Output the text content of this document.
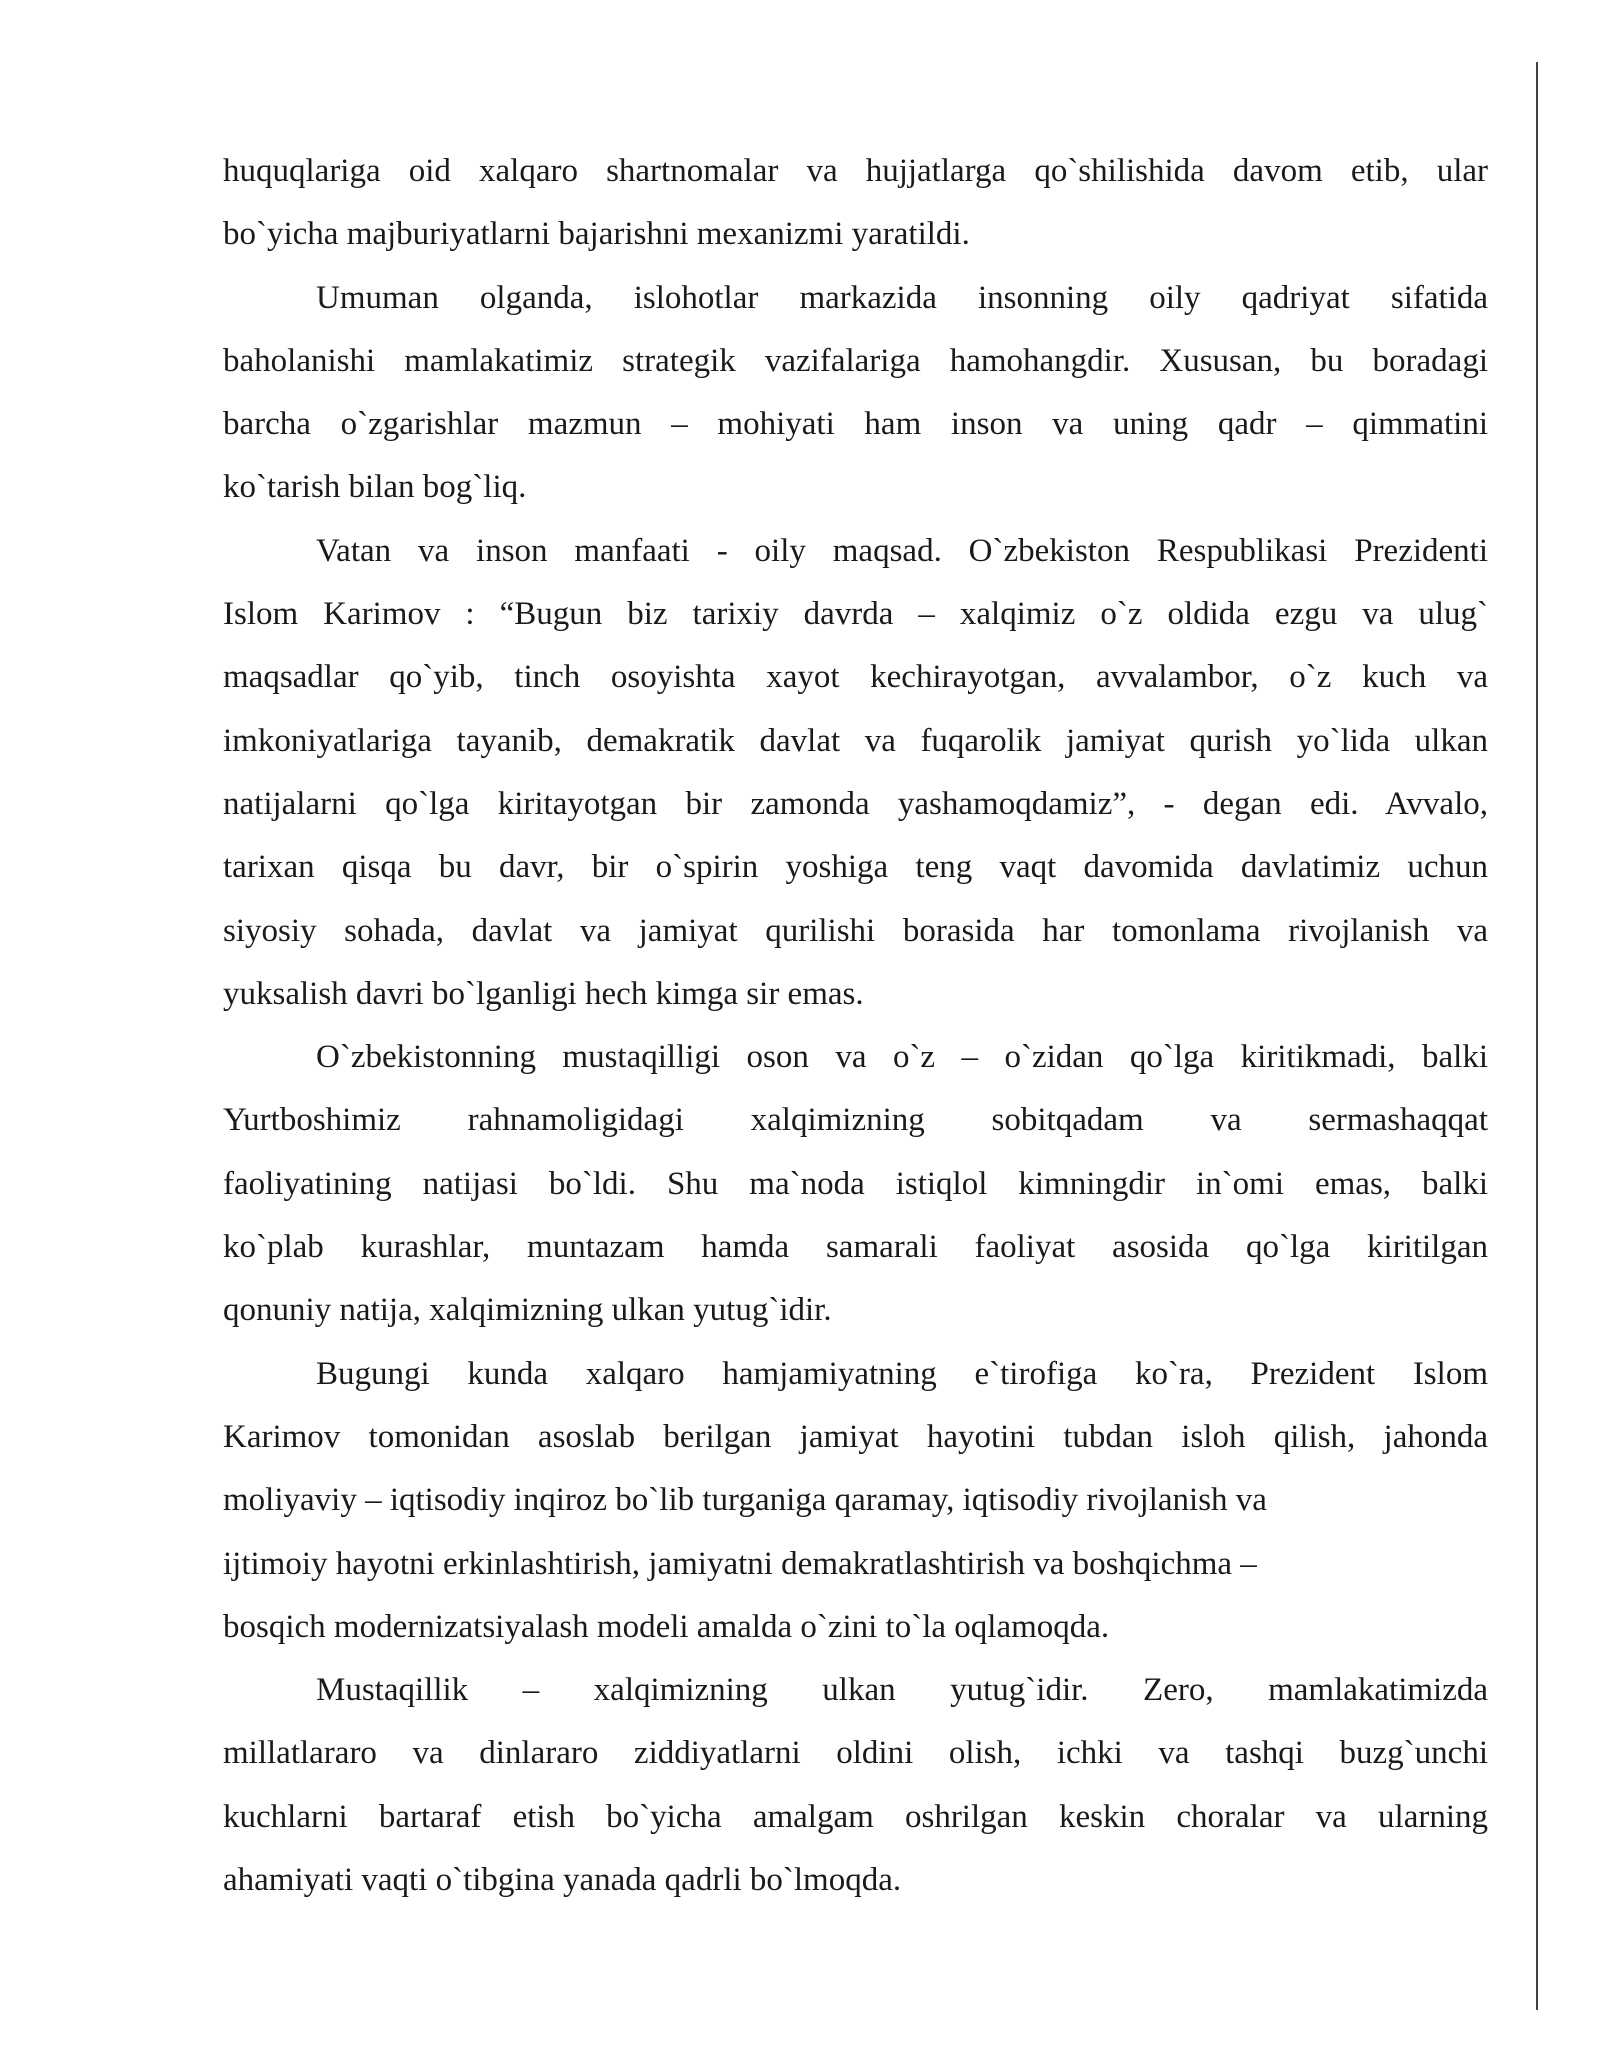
huquqlariga oid xalqaro shartnomalar va hujjatlarga qo`shilishida davom etib, ular
bo`yicha majburiyatlarni bajarishni mexanizmi yaratildi.
Umuman olganda, islohotlar markazida insonning oily qadriyat sifatida
baholanishi mamlakatimiz strategik vazifalariga hamohangdir. Xususan, bu boradagi
barcha o`zgarishlar mazmun – mohiyati ham inson va uning qadr – qimmatini
ko`tarish bilan bog`liq.
Vatan va inson manfaati - oily maqsad. O`zbekiston Respublikasi Prezidenti
Islom Karimov : “Bugun biz tarixiy davrda – xalqimiz o`z oldida ezgu va ulug`
maqsadlar qo`yib, tinch osoyishta xayot kechirayotgan, avvalambor, o`z kuch va
imkoniyatlariga tayanib, demakratik davlat va fuqarolik jamiyat qurish yo`lida ulkan
natijalarni qo`lga kiritayotgan bir zamonda yashamoqdamiz”, - degan edi. Avvalo,
tarixan qisqa bu davr, bir o`spirin yoshiga teng vaqt davomida davlatimiz uchun
siyosiy sohada, davlat va jamiyat qurilishi borasida har tomonlama rivojlanish va
yuksalish davri bo`lganligi hech kimga sir emas.
O`zbekistonning mustaqilligi oson va o`z – o`zidan qo`lga kiritikmadi, balki
Yurtboshimiz rahnamoligidagi xalqimizning sobitqadam va sermashaqqat
faoliyatining natijasi bo`ldi. Shu ma`noda istiqlol kimningdir in`omi emas, balki
ko`plab kurashlar, muntazam hamda samarali faoliyat asosida qo`lga kiritilgan
qonuniy natija, xalqimizning ulkan yutug`idir.
Bugungi kunda xalqaro hamjamiyatning e`tirofiga ko`ra, Prezident Islom
Karimov tomonidan asoslab berilgan jamiyat hayotini tubdan isloh qilish, jahonda
moliyaviy – iqtisodiy inqiroz bo`lib turganiga qaramay, iqtisodiy rivojlanish va
ijtimoiy hayotni erkinlashtirish, jamiyatni demakratlashtirish va boshqichma –
bosqich modernizatsiyalash modeli amalda o`zini to`la oqlamoqda.
Mustaqillik – xalqimizning ulkan yutug`idir. Zero, mamlakatimizda
millatlararo va dinlararo ziddiyatlarni oldini olish, ichki va tashqi buzg`unchi
kuchlarni bartaraf etish bo`yicha amalgam oshrilgan keskin choralar va ularning
ahamiyati vaqti o`tibgina yanada qadrli bo`lmoqda.
